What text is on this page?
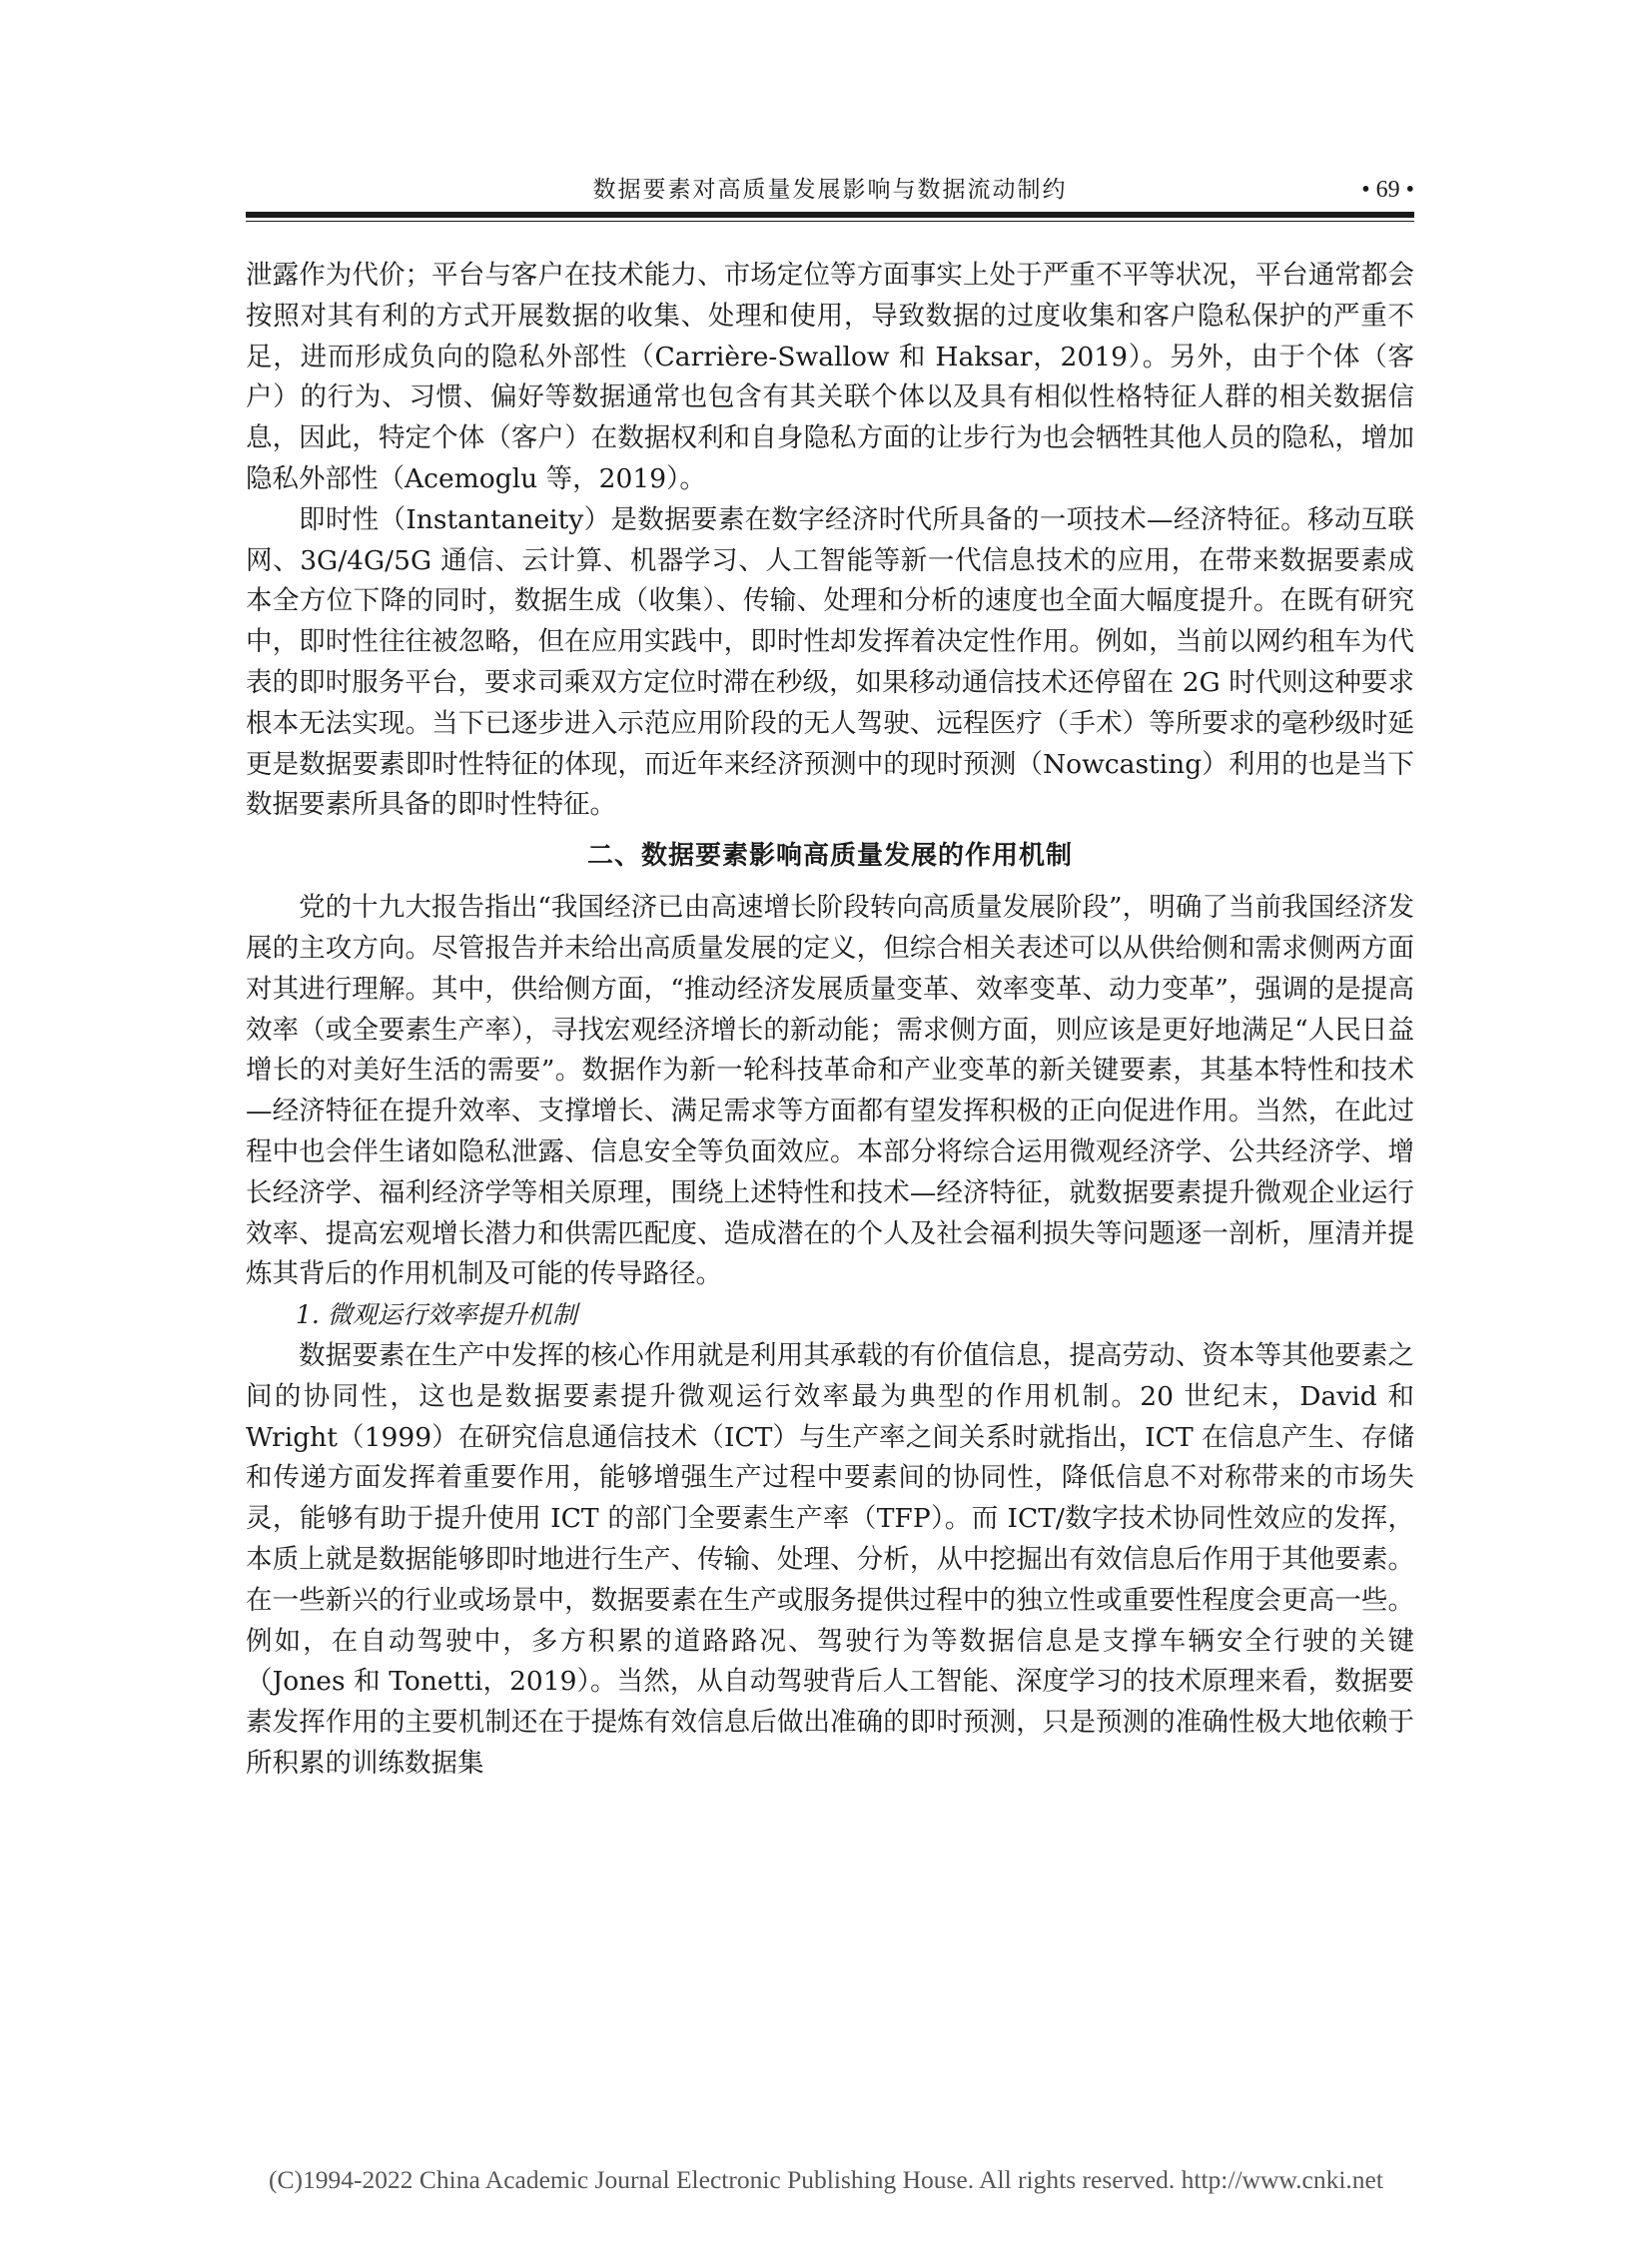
数据要素对高质量发展影响与数据流动制约	• 69 •

泄露作为代价；平台与客户在技术能力、市场定位等方面事实上处于严重不平等状况，平台通常都会按照对其有利的方式开展数据的收集、处理和使用，导致数据的过度收集和客户隐私保护的严重不足，进而形成负向的隐私外部性（Carrière-Swallow 和 Haksar，2019）。另外，由于个体（客户）的行为、习惯、偏好等数据通常也包含有其关联个体以及具有相似性格特征人群的相关数据信息，因此，特定个体（客户）在数据权利和自身隐私方面的让步行为也会牺牲其他人员的隐私，增加隐私外部性（Acemoglu 等，2019）。

即时性（Instantaneity）是数据要素在数字经济时代所具备的一项技术—经济特征。移动互联网、3G/4G/5G 通信、云计算、机器学习、人工智能等新一代信息技术的应用，在带来数据要素成本全方位下降的同时，数据生成（收集）、传输、处理和分析的速度也全面大幅度提升。在既有研究中，即时性往往被忽略，但在应用实践中，即时性却发挥着决定性作用。例如，当前以网约租车为代表的即时服务平台，要求司乘双方定位时滞在秒级，如果移动通信技术还停留在 2G 时代则这种要求根本无法实现。当下已逐步进入示范应用阶段的无人驾驶、远程医疗（手术）等所要求的毫秒级时延更是数据要素即时性特征的体现，而近年来经济预测中的现时预测（Nowcasting）利用的也是当下数据要素所具备的即时性特征。

二、数据要素影响高质量发展的作用机制

党的十九大报告指出“我国经济已由高速增长阶段转向高质量发展阶段”，明确了当前我国经济发展的主攻方向。尽管报告并未给出高质量发展的定义，但综合相关表述可以从供给侧和需求侧两方面对其进行理解。其中，供给侧方面，“推动经济发展质量变革、效率变革、动力变革”，强调的是提高效率（或全要素生产率），寻找宏观经济增长的新动能；需求侧方面，则应该是更好地满足“人民日益增长的对美好生活的需要”。数据作为新一轮科技革命和产业变革的新关键要素，其基本特性和技术—经济特征在提升效率、支撑增长、满足需求等方面都有望发挥积极的正向促进作用。当然，在此过程中也会伴生诸如隐私泄露、信息安全等负面效应。本部分将综合运用微观经济学、公共经济学、增长经济学、福利经济学等相关原理，围绕上述特性和技术—经济特征，就数据要素提升微观企业运行效率、提高宏观增长潜力和供需匹配度、造成潜在的个人及社会福利损失等问题逐一剖析，厘清并提炼其背后的作用机制及可能的传导路径。

1. 微观运行效率提升机制

数据要素在生产中发挥的核心作用就是利用其承载的有价值信息，提高劳动、资本等其他要素之间的协同性，这也是数据要素提升微观运行效率最为典型的作用机制。20 世纪末，David 和 Wright（1999）在研究信息通信技术（ICT）与生产率之间关系时就指出，ICT 在信息产生、存储和传递方面发挥着重要作用，能够增强生产过程中要素间的协同性，降低信息不对称带来的市场失灵，能够有助于提升使用 ICT 的部门全要素生产率（TFP）。而 ICT/数字技术协同性效应的发挥，本质上就是数据能够即时地进行生产、传输、处理、分析，从中挖掘出有效信息后作用于其他要素。在一些新兴的行业或场景中，数据要素在生产或服务提供过程中的独立性或重要性程度会更高一些。例如，在自动驾驶中，多方积累的道路路况、驾驶行为等数据信息是支撑车辆安全行驶的关键（Jones 和 Tonetti，2019）。当然，从自动驾驶背后人工智能、深度学习的技术原理来看，数据要素发挥作用的主要机制还在于提炼有效信息后做出准确的即时预测，只是预测的准确性极大地依赖于所积累的训练数据集

(C)1994-2022 China Academic Journal Electronic Publishing House. All rights reserved. http://www.cnki.net
